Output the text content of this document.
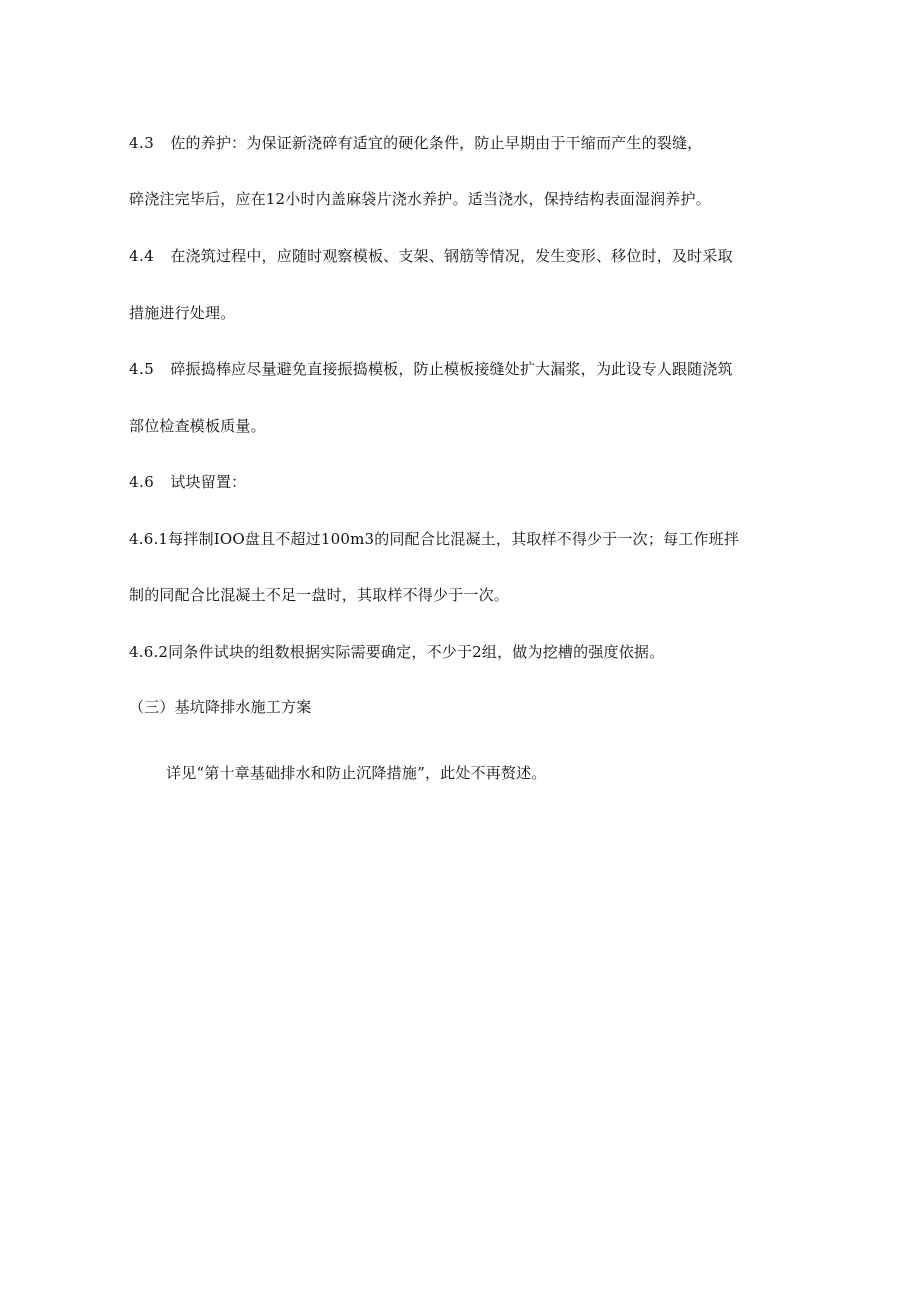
4.3 佐的养护：为保证新浇碎有适宜的硬化条件，防止早期由于干缩而产生的裂缝，
碎浇注完毕后，应在12小时内盖麻袋片浇水养护。适当浇水，保持结构表面湿润养护。
4.4 在浇筑过程中，应随时观察模板、支架、钢筋等情况，发生变形、移位时，及时采取
措施进行处理。
4.5 碎振捣棒应尽量避免直接振捣模板，防止模板接缝处扩大漏浆，为此设专人跟随浇筑
部位检查模板质量。
4.6 试块留置：
4.6.1每拌制IOO盘且不超过100m3的同配合比混凝土，其取样不得少于一次；每工作班拌
制的同配合比混凝土不足一盘时，其取样不得少于一次。
4.6.2同条件试块的组数根据实际需要确定，不少于2组，做为挖槽的强度依据。
（三）基坑降排水施工方案
详见“第十章基础排水和防止沉降措施”，此处不再赘述。
